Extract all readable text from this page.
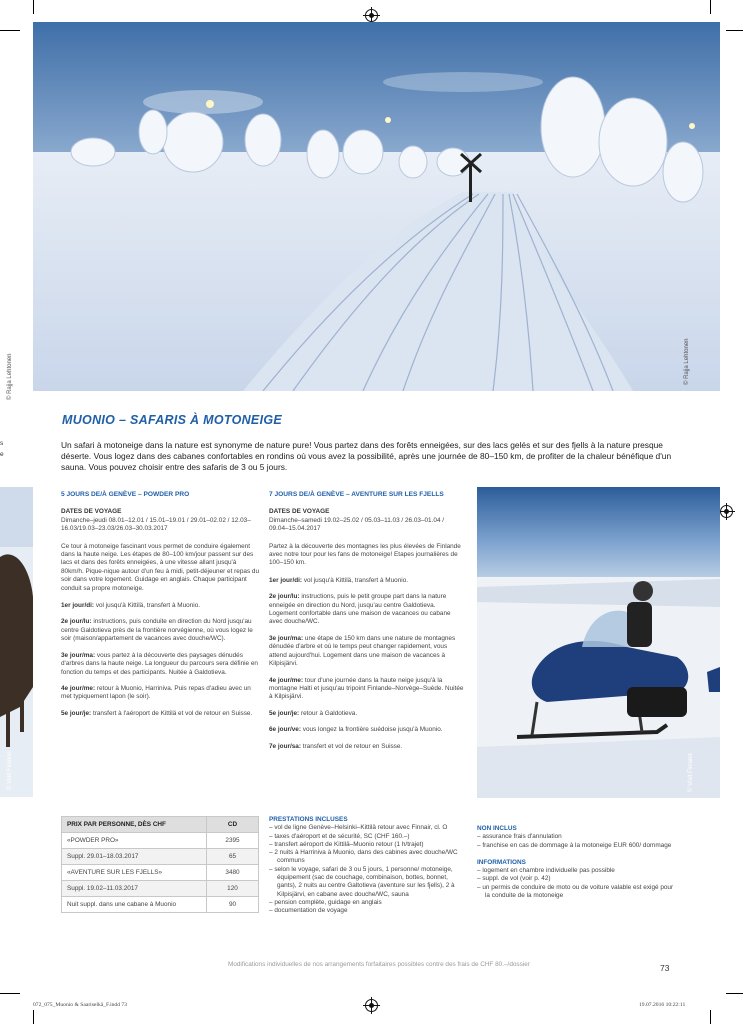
s
e
© Rajja Lehtonen	© Rajja Lehtonen
MUONIO – SAFARIS À MOTONEIGE
Un safari à motoneige dans la nature est synonyme de nature pure! Vous partez dans des forêts enneigées, sur des lacs gelés et sur des fjells à la nature presque déserte. Vous logez dans des cabanes confortables en rondins où vous avez la possibilité, après une journée de 80–150 km, de profiter de la chaleur bénéfique d'un sauna. Vous pouvez choisir entre des safaris de 3 ou 5 jours.
© Visit Finland
5 JOURS DE/À GENÈVE – POWDER PRO
DATES DE VOYAGE

Dimanche–jeudi 08.01–12.01 / 15.01–19.01 / 29.01–02.02 / 12.03–16.03/19.03–23.03/26.03–30.03.2017

Ce tour à motoneige fascinant vous permet de conduire également dans la haute neige. Les étapes de 80–100 km/jour passent sur des lacs et dans des forêts enneigées, à une vitesse allant jusqu'à 80km/h. Pique-nique autour d'un feu à midi, petit-déjeuner et repas du soir dans votre logement. Guidage en anglais. Chaque participant conduit sa propre motoneige.

1er jour/di: vol jusqu'à Kittilä, transfert à Muonio.

2e jour/lu: instructions, puis conduite en direction du Nord jusqu'au centre Galdotieva près de la frontière norvégienne, où vous logez le soir (maison/appartement de vacances avec douche/WC).

3e jour/ma: vous partez à la découverte des paysages dénudés d'arbres dans la haute neige. La longueur du parcours sera définie en fonction du temps et des participants. Nuitée à Galdotieva.

4e jour/me: retour à Muonio, Harriniva. Puis repas d'adieu avec un met typiquement lapon (le soir).

5e jour/je: transfert à l'aéroport de Kittilä et vol de retour en Suisse.

7 JOURS DE/À GENÈVE – AVENTURE SUR LES FJELLS
DATES DE VOYAGE

Dimanche–samedi 19.02–25.02 / 05.03–11.03 / 26.03–01.04 / 09.04–15.04.2017

Partez à la découverte des montagnes les plus élevées de Finlande avec notre tour pour les fans de motoneige! Etapes journalières de 100–150 km.

1er jour/di: vol jusqu'à Kittilä, transfert à Muonio.

2e jour/lu: instructions, puis le petit groupe part dans la nature enneigée en direction du Nord, jusqu'au centre Galdotieva. Logement confortable dans une maison de vacances ou cabane avec douche/WC.

3e jour/ma: une étape de 150 km dans une nature de montagnes dénudée d'arbre et où le temps peut changer rapidement, vous attend aujourd'hui. Logement dans une maison de vacances à Kilpisjärvi.

4e jour/me: tour d'une journée dans la haute neige jusqu'à la montagne Halti et jusqu'au tripoint Finlande–Norvège–Suède. Nuitée à Kilpisjärvi.

5e jour/je: retour à Galdotieva.

6e jour/ve: vous longez la frontière suédoise jusqu'à Muonio.

7e jour/sa: transfert et vol de retour en Suisse.

© Visit Finland
PRIX PAR PERSONNE, DÈS CHF	CD
«POWDER PRO»	2395
Suppl. 29.01–18.03.2017	65
«AVENTURE SUR LES FJELLS»	3480
Suppl. 19.02–11.03.2017	120
Nuit suppl. dans une cabane à Muonio	90
PRESTATIONS INCLUSES
– vol de ligne Genève–Helsinki–Kittilä retour avec Finnair, cl. O
– taxes d'aéroport et de sécurité, SC (CHF 160.–)
– transfert aéroport de Kittilä–Muonio retour (1 h/trajet)
– 2 nuits à Harriniva à Muonio, dans des cabines avec douche/WC communs
– selon le voyage, safari de 3 ou 5 jours, 1 personne/ motoneige, équipement (sac de couchage, combinaison, bottes, bonnet, gants), 2 nuits au centre Galtotieva (aventure sur les fjells), 2 à Kilpisjärvi, en cabane avec douche/WC, sauna
– pension complète, guidage en anglais
– documentation de voyage
NON INCLUS
– assurance frais d'annulation
– franchise en cas de dommage à la motoneige EUR 600/ dommage
INFORMATIONS
– logement en chambre individuelle pas possible
– suppl. de vol (voir p. 42)
– un permis de conduire de moto ou de voiture valable est exigé pour la conduite de la motoneige
Modifications individuelles de nos arrangements forfaitaires possibles contre des frais de CHF 80.–/dossier	73
072_075_Muonio & Saariselkä_F.indd 73	19.07.2016 10:22:11
